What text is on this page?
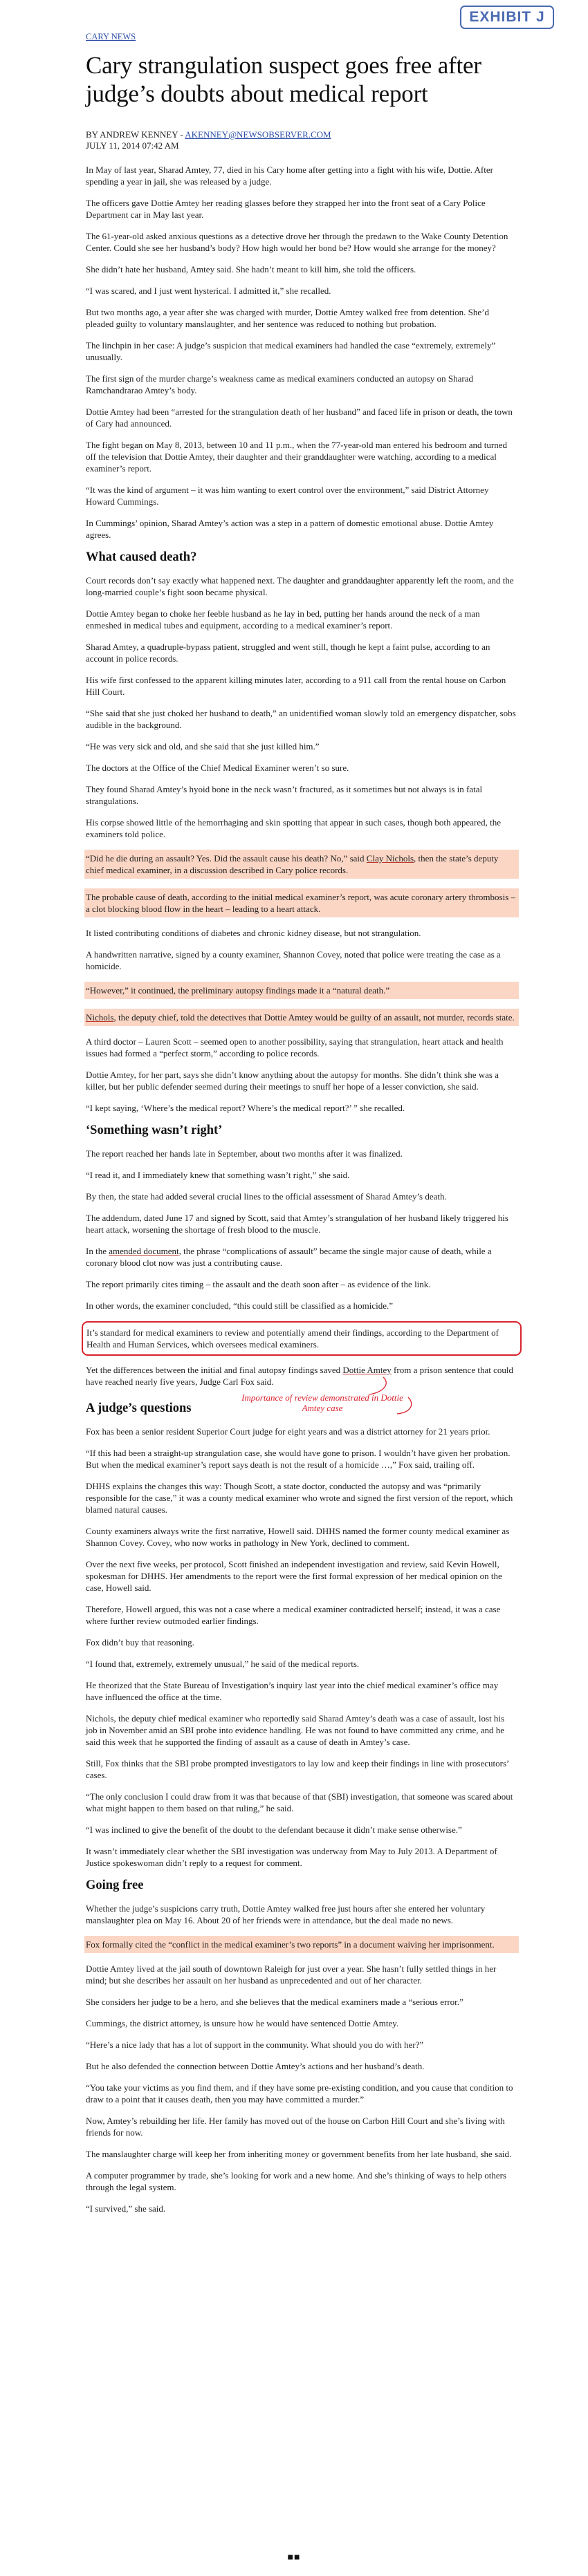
EXHIBIT J
CARY NEWS
Cary strangulation suspect goes free after judge’s doubts about medical report
BY ANDREW KENNEY - AKENNEY@NEWSOBSERVER.COM
JULY 11, 2014 07:42 AM

In May of last year, Sharad Amtey, 77, died in his Cary home after getting into a fight with his wife, Dottie. After spending a year in jail, she was released by a judge.

The officers gave Dottie Amtey her reading glasses before they strapped her into the front seat of a Cary Police Department car in May last year.

The 61-year-old asked anxious questions as a detective drove her through the predawn to the Wake County Detention Center. Could she see her husband’s body? How high would her bond be? How would she arrange for the money?

She didn’t hate her husband, Amtey said. She hadn’t meant to kill him, she told the officers.

“I was scared, and I just went hysterical. I admitted it,” she recalled.

But two months ago, a year after she was charged with murder, Dottie Amtey walked free from detention. She’d pleaded guilty to voluntary manslaughter, and her sentence was reduced to nothing but probation.

The linchpin in her case: A judge’s suspicion that medical examiners had handled the case “extremely, extremely” unusually.

The first sign of the murder charge’s weakness came as medical examiners conducted an autopsy on Sharad Ramchandrarao Amtey’s body.

Dottie Amtey had been “arrested for the strangulation death of her husband” and faced life in prison or death, the town of Cary had announced.

The fight began on May 8, 2013, between 10 and 11 p.m., when the 77-year-old man entered his bedroom and turned off the television that Dottie Amtey, their daughter and their granddaughter were watching, according to a medical examiner’s report.

“It was the kind of argument – it was him wanting to exert control over the environment,” said District Attorney Howard Cummings.

In Cummings’ opinion, Sharad Amtey’s action was a step in a pattern of domestic emotional abuse. Dottie Amtey agrees.

What caused death?

Court records don’t say exactly what happened next. The daughter and granddaughter apparently left the room, and the long-married couple’s fight soon became physical.

Dottie Amtey began to choke her feeble husband as he lay in bed, putting her hands around the neck of a man enmeshed in medical tubes and equipment, according to a medical examiner’s report.

Sharad Amtey, a quadruple-bypass patient, struggled and went still, though he kept a faint pulse, according to an account in police records.

His wife first confessed to the apparent killing minutes later, according to a 911 call from the rental house on Carbon Hill Court.

“She said that she just choked her husband to death,” an unidentified woman slowly told an emergency dispatcher, sobs audible in the background.

“He was very sick and old, and she said that she just killed him.”

The doctors at the Office of the Chief Medical Examiner weren’t so sure.

They found Sharad Amtey’s hyoid bone in the neck wasn’t fractured, as it sometimes but not always is in fatal strangulations.

His corpse showed little of the hemorrhaging and skin spotting that appear in such cases, though both appeared, the examiners told police.

“Did he die during an assault? Yes. Did the assault cause his death? No,” said Clay Nichols, then the state’s deputy chief medical examiner, in a discussion described in Cary police records.

The probable cause of death, according to the initial medical examiner’s report, was acute coronary artery thrombosis – a clot blocking blood flow in the heart – leading to a heart attack.

It listed contributing conditions of diabetes and chronic kidney disease, but not strangulation.

A handwritten narrative, signed by a county examiner, Shannon Covey, noted that police were treating the case as a homicide.

“However,” it continued, the preliminary autopsy findings made it a “natural death.”

Nichols, the deputy chief, told the detectives that Dottie Amtey would be guilty of an assault, not murder, records state.

A third doctor – Lauren Scott – seemed open to another possibility, saying that strangulation, heart attack and health issues had formed a “perfect storm,” according to police records.

Dottie Amtey, for her part, says she didn’t know anything about the autopsy for months. She didn’t think she was a killer, but her public defender seemed during their meetings to snuff her hope of a lesser conviction, she said.

“I kept saying, ‘Where’s the medical report? Where’s the medical report?’ ” she recalled.

‘Something wasn’t right’

The report reached her hands late in September, about two months after it was finalized.

“I read it, and I immediately knew that something wasn’t right,” she said.

By then, the state had added several crucial lines to the official assessment of Sharad Amtey’s death.

The addendum, dated June 17 and signed by Scott, said that Amtey’s strangulation of her husband likely triggered his heart attack, worsening the shortage of fresh blood to the muscle.

In the amended document, the phrase “complications of assault” became the single major cause of death, while a coronary blood clot now was just a contributing cause.

The report primarily cites timing – the assault and the death soon after – as evidence of the link.

In other words, the examiner concluded, “this could still be classified as a homicide.”

It’s standard for medical examiners to review and potentially amend their findings, according to the Department of Health and Human Services, which oversees medical examiners.

Yet the differences between the initial and final autopsy findings saved Dottie Amtey from a prison sentence that could have reached nearly five years, Judge Carl Fox said.

Importance of review demonstrated in Dottie Amtey case
A judge’s questions

Fox has been a senior resident Superior Court judge for eight years and was a district attorney for 21 years prior.

“If this had been a straight-up strangulation case, she would have gone to prison. I wouldn’t have given her probation. But when the medical examiner’s report says death is not the result of a homicide …,” Fox said, trailing off.

DHHS explains the changes this way: Though Scott, a state doctor, conducted the autopsy and was “primarily responsible for the case,” it was a county medical examiner who wrote and signed the first version of the report, which blamed natural causes.

County examiners always write the first narrative, Howell said. DHHS named the former county medical examiner as Shannon Covey. Covey, who now works in pathology in New York, declined to comment.

Over the next five weeks, per protocol, Scott finished an independent investigation and review, said Kevin Howell, spokesman for DHHS. Her amendments to the report were the first formal expression of her medical opinion on the case, Howell said.

Therefore, Howell argued, this was not a case where a medical examiner contradicted herself; instead, it was a case where further review outmoded earlier findings.

Fox didn’t buy that reasoning.

“I found that, extremely, extremely unusual,” he said of the medical reports.

He theorized that the State Bureau of Investigation’s inquiry last year into the chief medical examiner’s office may have influenced the office at the time.

Nichols, the deputy chief medical examiner who reportedly said Sharad Amtey’s death was a case of assault, lost his job in November amid an SBI probe into evidence handling. He was not found to have committed any crime, and he said this week that he supported the finding of assault as a cause of death in Amtey’s case.

Still, Fox thinks that the SBI probe prompted investigators to lay low and keep their findings in line with prosecutors’ cases.

“The only conclusion I could draw from it was that because of that (SBI) investigation, that someone was scared about what might happen to them based on that ruling,” he said.

“I was inclined to give the benefit of the doubt to the defendant because it didn’t make sense otherwise.”

It wasn’t immediately clear whether the SBI investigation was underway from May to July 2013. A Department of Justice spokeswoman didn’t reply to a request for comment.

Going free

Whether the judge’s suspicions carry truth, Dottie Amtey walked free just hours after she entered her voluntary manslaughter plea on May 16. About 20 of her friends were in attendance, but the deal made no news.

Fox formally cited the “conflict in the medical examiner’s two reports” in a document waiving her imprisonment.

Dottie Amtey lived at the jail south of downtown Raleigh for just over a year. She hasn’t fully settled things in her mind; but she describes her assault on her husband as unprecedented and out of her character.

She considers her judge to be a hero, and she believes that the medical examiners made a “serious error.”

Cummings, the district attorney, is unsure how he would have sentenced Dottie Amtey.

“Here’s a nice lady that has a lot of support in the community. What should you do with her?”

But he also defended the connection between Dottie Amtey’s actions and her husband’s death.

“You take your victims as you find them, and if they have some pre-existing condition, and you cause that condition to draw to a point that it causes death, then you may have committed a murder.”

Now, Amtey’s rebuilding her life. Her family has moved out of the house on Carbon Hill Court and she’s living with friends for now.

The manslaughter charge will keep her from inheriting money or government benefits from her late husband, she said.

A computer programmer by trade, she’s looking for work and a new home. And she’s thinking of ways to help others through the legal system.

“I survived,” she said.

■■
